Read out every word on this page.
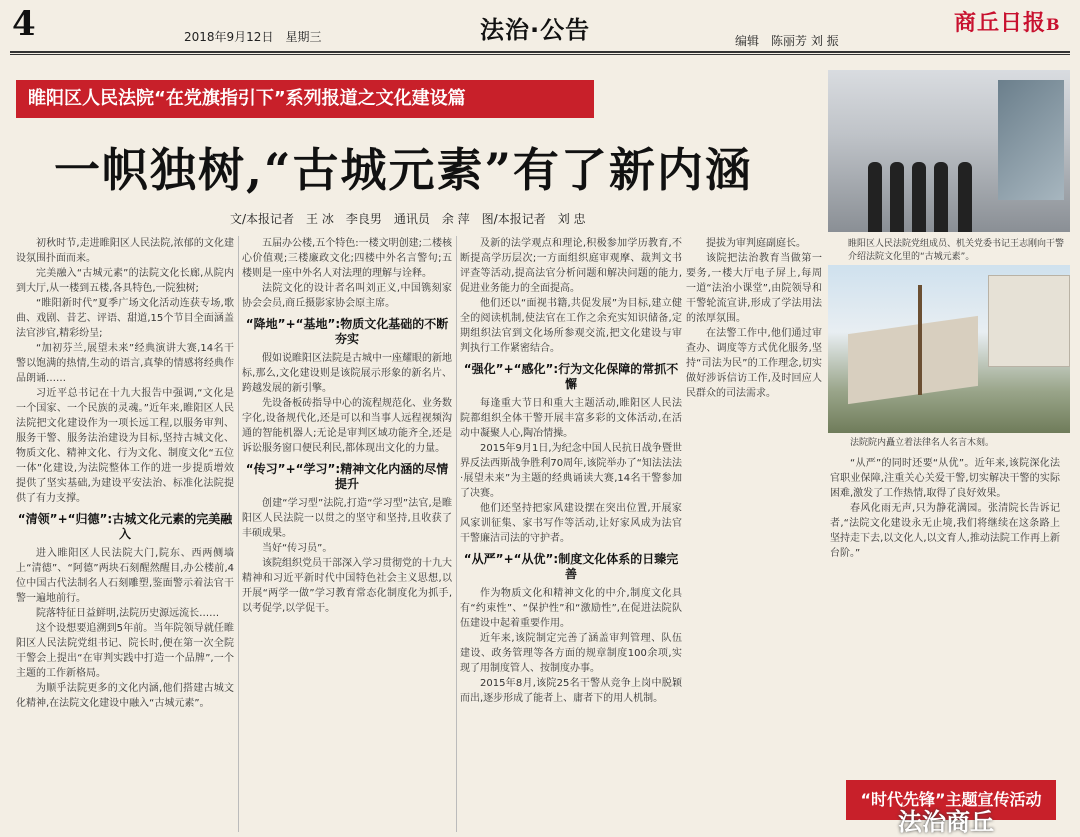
4	2018年9月12日　星期三	法治·公告	编辑　陈丽芳 刘 振
商丘日报B
睢阳区人民法院“在党旗指引下”系列报道之文化建设篇
一帜独树,“古城元素”有了新内涵
文/本报记者　王 冰　李良男　通讯员　余 萍　图/本报记者　刘 忠

初秋时节,走进睢阳区人民法院,浓郁的文化建设氛围扑面而来。

完美融入“古城元素”的法院文化长廊,从院内到大厅,从一楼到五楼,各具特色,一院独树;

“睢阳新时代”夏季广场文化活动连获专场,歌曲、戏剧、昔艺、评语、甜道,15个节目全面涵盖法官涉官,精彩纷呈;

“加初芬兰,展望未来”经典演讲大赛,14名干警以饱满的热情,生动的语言,真挚的情感将经典作品朗诵……

习近平总书记在十九大报告中强调,“文化是一个国家、一个民族的灵魂。”近年来,睢阳区人民法院把文化建设作为一项长远工程,以服务审判、服务干警、服务法治建设为目标,坚持古城文化、物质文化、精神文化、行为文化、制度文化“五位一体”化建设,为法院整体工作的进一步提质增效提供了坚实基础,为建设平安法治、标准化法院提供了有力支撑。

“清领”+“归德”:古城文化元素的完美融入

进入睢阳区人民法院大门,院东、西两侧墙上“清德”、“阿德”两块石刻醒然醒目,办公楼前,4位中国古代法制名人石刻雕塑,鉴面警示着法官干警一遍地前行。

院落特征日益鲜明,法院历史源远流长……

这个设想要追溯到5年前。当年院领导就任睢阳区人民法院党组书记、院长时,便在第一次全院干警会上提出“在审判实践中打造一个品牌”,一个主题的工作新格局。

为顺乎法院更多的文化内涵,他们搭建古城文化精神,在法院文化建设中融入“古城元素”。

五届办公楼,五个特色:一楼文明创建;二楼核心价值观;三楼廉政文化;四楼中外名言警句;五楼则是一座中外名人对法理的理解与诠释。

法院文化的设计者名叫刘正义,中国镌刻家协会会员,商丘摄影家协会原主席。

“降地”+“基地”:物质文化基础的不断夯实

假如说睢阳区法院是古城中一座耀眼的新地标,那么,文化建设则是该院展示形象的新名片、跨越发展的新引擎。

先设备板砖指导中心的流程规范化、业务数字化,设备规代化,还是可以和当事人远程视频沟通的智能机器人;无论是审判区域功能齐全,还是诉讼服务窗口便民利民,都体现出文化的力量。

“传习”+“学习”:精神文化内涵的尽情提升

创建“学习型”法院,打造“学习型”法官,是睢阳区人民法院一以贯之的坚守和坚持,且收获了丰硕成果。

当好“传习员”。

该院组织党员干部深入学习贯彻党的十九大精神和习近平新时代中国特色社会主义思想,以开展“两学一做”学习教育常态化制度化为抓手,以考促学,以学促干。

及新的法学观点和理论,积极参加学历教育,不断提高学历层次;一方面组织庭审观摩、裁判文书评查等活动,提高法官分析问题和解决问题的能力,促进业务能力的全面提高。

他们还以“面视书籍,共促发展”为目标,建立健全的阅读机制,使法官在工作之余充实知识储备,定期组织法官到文化场所参观交流,把文化建设与审判执行工作紧密结合。

“强化”+“感化”:行为文化保障的常抓不懈

每逢重大节日和重大主题活动,睢阳区人民法院都组织全体干警开展丰富多彩的文体活动,在活动中凝聚人心,陶冶情操。

2015年9月1日,为纪念中国人民抗日战争暨世界反法西斯战争胜利70周年,该院举办了“知法法法·展望未来”为主题的经典诵读大赛,14名干警参加了决赛。

他们还坚持把家风建设摆在突出位置,开展家风家训征集、家书写作等活动,让好家风成为法官干警廉洁司法的守护者。

“从严”+“从优”:制度文化体系的日臻完善

作为物质文化和精神文化的中介,制度文化具有“约束性”、“保护性”和“激励性”,在促进法院队伍建设中起着重要作用。

近年来,该院制定完善了涵盖审判管理、队伍建设、政务管理等各方面的规章制度100余项,实现了用制度管人、按制度办事。

2015年8月,该院25名干警从竞争上岗中脱颖而出,逐步形成了能者上、庸者下的用人机制。

提拔为审判庭副庭长。

该院把法治教育当做第一要务,一楼大厅电子屏上,每周一道“法治小课堂”,由院领导和干警轮流宣讲,形成了学法用法的浓厚氛围。

在法警工作中,他们通过审查办、调度等方式优化服务,坚持“司法为民”的工作理念,切实做好涉诉信访工作,及时回应人民群众的司法需求。

睢阳区人民法院党组成员、机关党委书记王志刚向干警介绍法院文化里的“古城元素”。
法院院内矗立着法律名人名言木刻。

“从严”的同时还要“从优”。近年来,该院深化法官职业保障,注重关心关爱干警,切实解决干警的实际困难,激发了工作热情,取得了良好效果。

春风化雨无声,只为静花满园。张清院长告诉记者,“法院文化建设永无止境,我们将继续在这条路上坚持走下去,以文化人,以文育人,推动法院工作再上新台阶。”

“时代先锋”主题宣传活动
法治商丘
